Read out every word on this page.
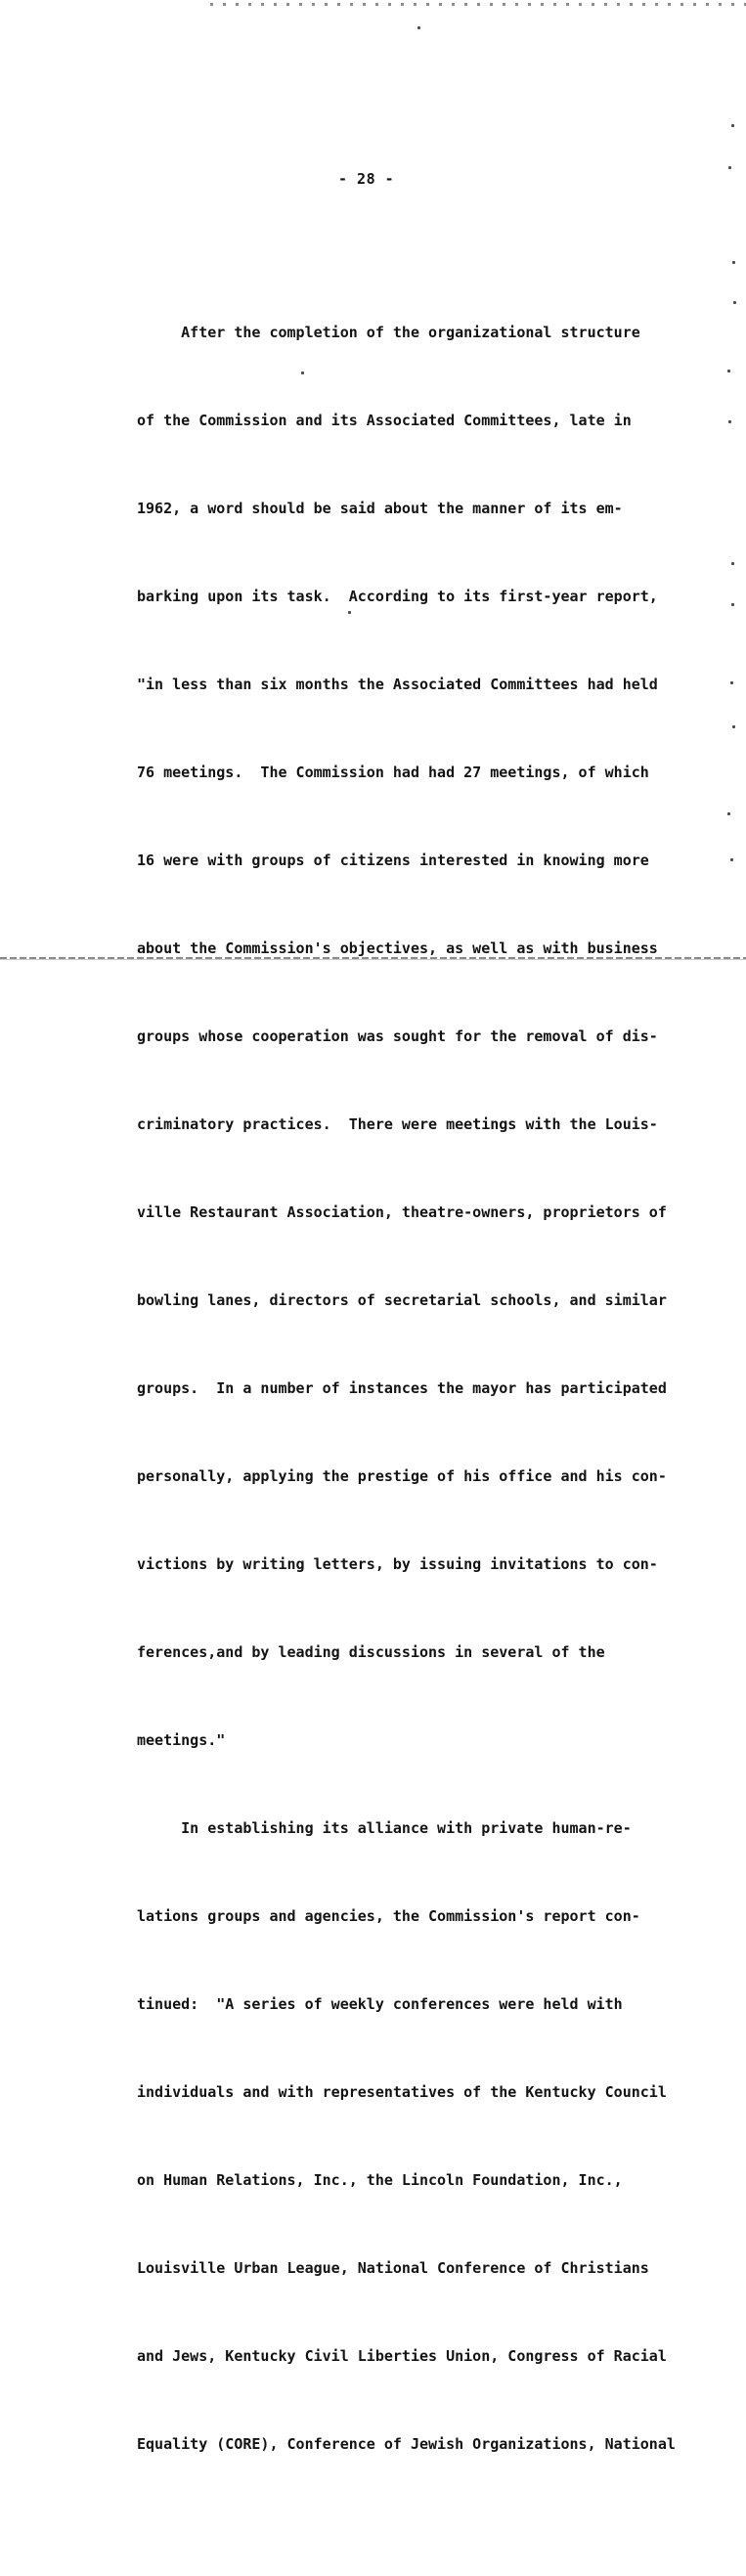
- 28 -

After the completion of the organizational structure

of the Commission and its Associated Committees, late in

1962, a word should be said about the manner of its em-

barking upon its task.  According to its first-year report,

"in less than six months the Associated Committees had held

76 meetings.  The Commission had had 27 meetings, of which

16 were with groups of citizens interested in knowing more

about the Commission's objectives, as well as with business

groups whose cooperation was sought for the removal of dis-

criminatory practices.  There were meetings with the Louis-

ville Restaurant Association, theatre-owners, proprietors of

bowling lanes, directors of secretarial schools, and similar

groups.  In a number of instances the mayor has participated

personally, applying the prestige of his office and his con-

victions by writing letters, by issuing invitations to con-

ferences,and by leading discussions in several of the

meetings."

In establishing its alliance with private human-re-

lations groups and agencies, the Commission's report con-

tinued:  "A series of weekly conferences were held with

individuals and with representatives of the Kentucky Council

on Human Relations, Inc., the Lincoln Foundation, Inc.,

Louisville Urban League, National Conference of Christians

and Jews, Kentucky Civil Liberties Union, Congress of Racial

Equality (CORE), Conference of Jewish Organizations, National
